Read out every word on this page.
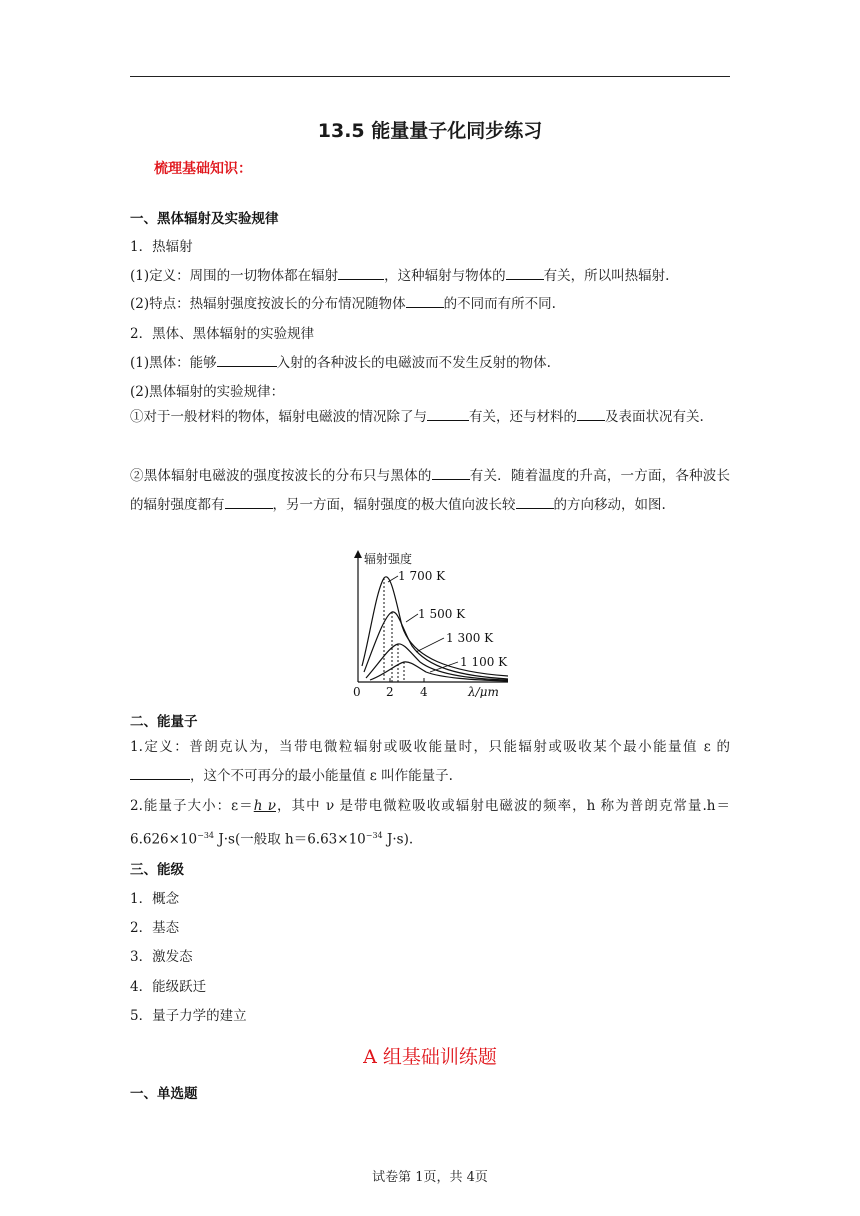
13.5 能量量子化同步练习
梳理基础知识：
一、黑体辐射及实验规律
1．热辐射
(1)定义：周围的一切物体都在辐射	，这种辐射与物体的	有关，所以叫热辐射.
(2)特点：热辐射强度按波长的分布情况随物体	的不同而有所不同.
2．黑体、黑体辐射的实验规律
(1)黑体：能够	入射的各种波长的电磁波而不发生反射的物体.
(2)黑体辐射的实验规律：
①对于一般材料的物体，辐射电磁波的情况除了与	有关，还与材料的 及表面状况有关.
②黑体辐射电磁波的强度按波长的分布只与黑体的	有关．随着温度的升高，一方面，各种波长的辐射强度都有	，另一方面，辐射强度的极大值向波长较	的方向移动，如图.
辐射强度
λ/μm
0 2 4
1 700 K
1 500 K
1 300 K
1 100 K
二、能量子
1.定义：普朗克认为，当带电微粒辐射或吸收能量时，只能辐射或吸收某个最小能量值 ε 的，这个不可再分的最小能量值 ε 叫作能量子.
2.能量子大小：ε＝h ν，其中 ν 是带电微粒吸收或辐射电磁波的频率，h 称为普朗克常量$.h=6.626\times 10^{-34}$ J·s(一般取 $h=6.63\times 10^{-34}$ J·s).
三、能级
1．概念
2．基态
3．激发态
4．能级跃迁
5．量子力学的建立
A 组基础训练题
一、单选题
试卷第 1页，共 4页
